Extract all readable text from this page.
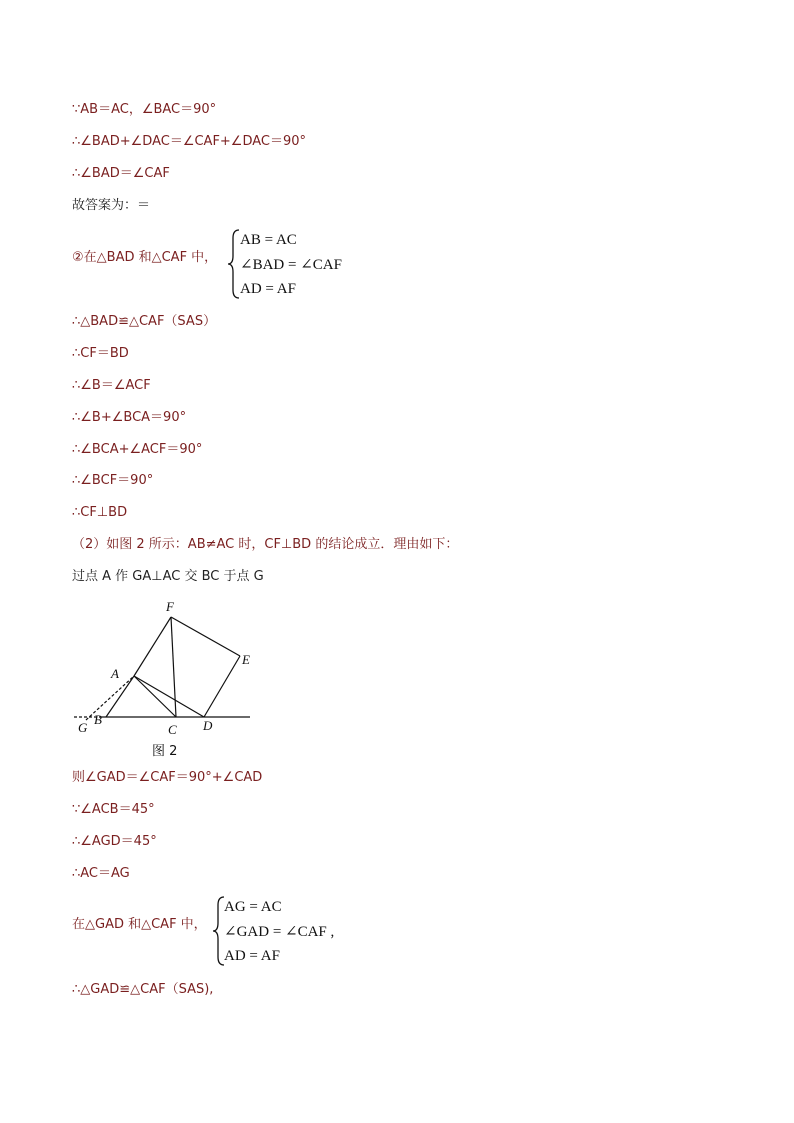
∵AB＝AC，∠BAC＝90°
∴∠BAD+∠DAC＝∠CAF+∠DAC＝90°
∴∠BAD＝∠CAF
故答案为：＝
②在△BAD 和△CAF 中，
AB = AC
∠BAD = ∠CAF
AD = AF
∴△BAD≌△CAF（SAS）
∴CF＝BD
∴∠B＝∠ACF
∴∠B+∠BCA＝90°
∴∠BCA+∠ACF＝90°
∴∠BCF＝90°
∴CF⊥BD
（2）如图 2 所示：AB≠AC 时，CF⊥BD 的结论成立．理由如下：
过点 A 作 GA⊥AC 交 BC 于点 G
F
E
A
B
G	C D
图 2
则∠GAD＝∠CAF＝90°+∠CAD
∵∠ACB＝45°
∴∠AGD＝45°
∴AC＝AG
在△GAD 和△CAF 中，
AG = AC
∠GAD = ∠CAF ,
AD = AF
∴△GAD≌△CAF（SAS),
